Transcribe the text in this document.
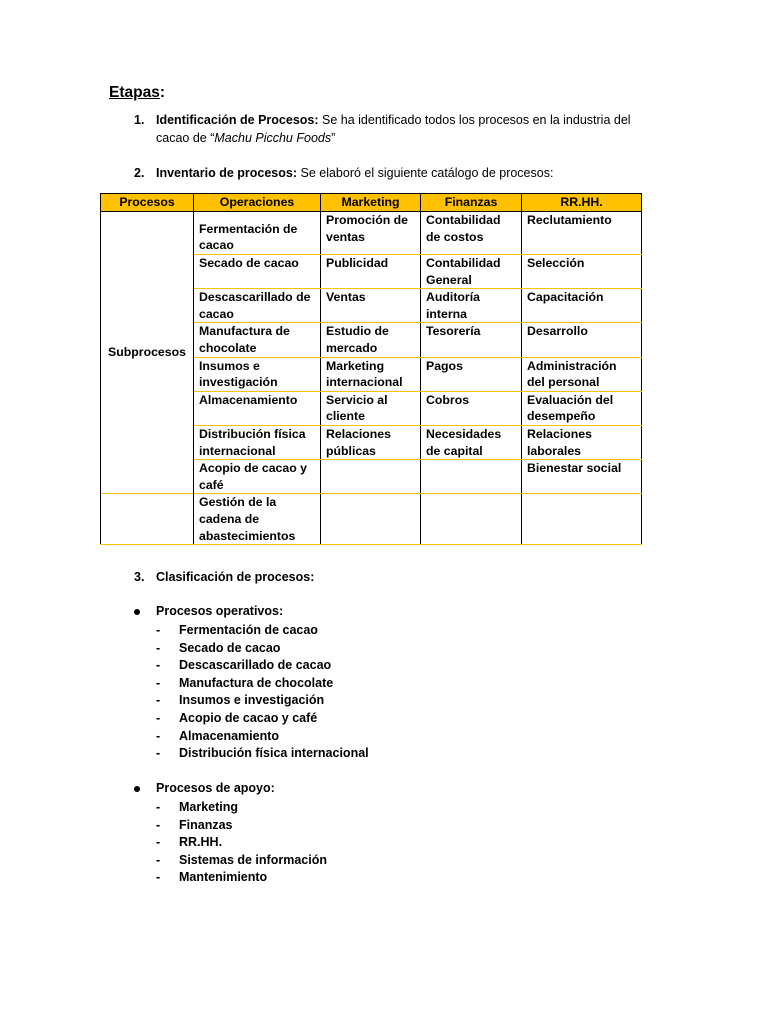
Etapas:
1. Identificación de Procesos: Se ha identificado todos los procesos en la industria del cacao de “Machu Picchu Foods”
2. Inventario de procesos: Se elaboró el siguiente catálogo de procesos:
Procesos	Operaciones	Marketing	Finanzas	RR.HH.
Subprocesos	Fermentación de cacao	Promoción de ventas	Contabilidad de costos	Reclutamiento
	Secado de cacao	Publicidad	Contabilidad General	Selección
	Descascarillado de cacao	Ventas	Auditoría interna	Capacitación
	Manufactura de chocolate	Estudio de mercado	Tesorería	Desarrollo
	Insumos e investigación	Marketing internacional	Pagos	Administración del personal
	Almacenamiento	Servicio al cliente	Cobros	Evaluación del desempeño
	Distribución física internacional	Relaciones públicas	Necesidades de capital	Relaciones laborales
	Acopio de cacao y café			Bienestar social
	Gestión de la cadena de abastecimientos			
3. Clasificación de procesos:
Procesos operativos:
- Fermentación de cacao
- Secado de cacao
- Descascarillado de cacao
- Manufactura de chocolate
- Insumos e investigación
- Acopio de cacao y café
- Almacenamiento
- Distribución física internacional
Procesos de apoyo:
- Marketing
- Finanzas
- RR.HH.
- Sistemas de información
- Mantenimiento
